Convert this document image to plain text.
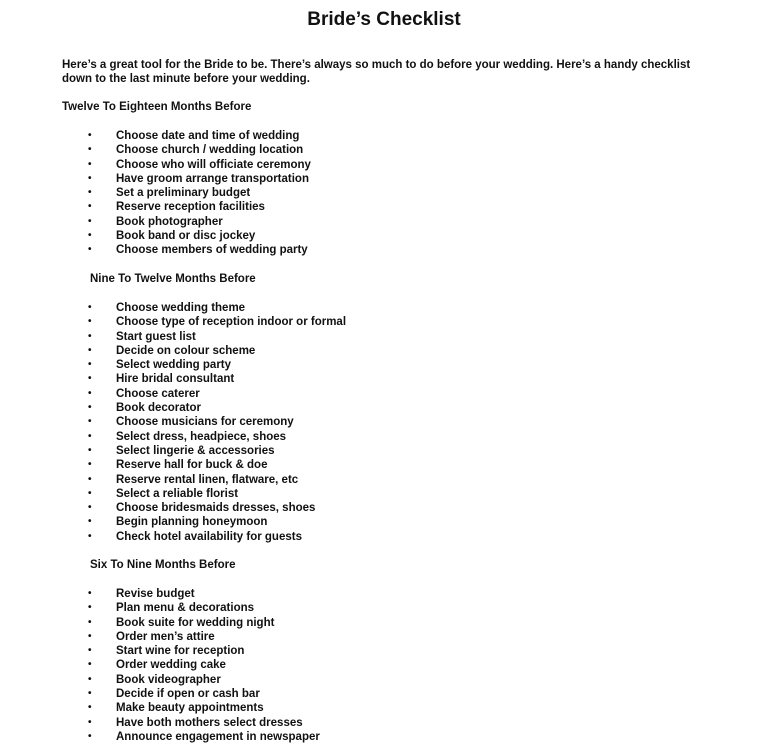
Bride’s Checklist

Here’s a great tool for the Bride to be. There’s always so much to do before your wedding. Here’s a handy checklist
down to the last minute before your wedding.

Twelve To Eighteen Months Before
• Choose date and time of wedding
• Choose church / wedding location
• Choose who will officiate ceremony
• Have groom arrange transportation
• Set a preliminary budget
• Reserve reception facilities
• Book photographer
• Book band or disc jockey
• Choose members of wedding party
Nine To Twelve Months Before
• Choose wedding theme
• Choose type of reception indoor or formal
• Start guest list
• Decide on colour scheme
• Select wedding party
• Hire bridal consultant
• Choose caterer
• Book decorator
• Choose musicians for ceremony
• Select dress, headpiece, shoes
• Select lingerie & accessories
• Reserve hall for buck & doe
• Reserve rental linen, flatware, etc
• Select a reliable florist
• Choose bridesmaids dresses, shoes
• Begin planning honeymoon
• Check hotel availability for guests
Six To Nine Months Before
• Revise budget
• Plan menu & decorations
• Book suite for wedding night
• Order men’s attire
• Start wine for reception
• Order wedding cake
• Book videographer
• Decide if open or cash bar
• Make beauty appointments
• Have both mothers select dresses
• Announce engagement in newspaper
